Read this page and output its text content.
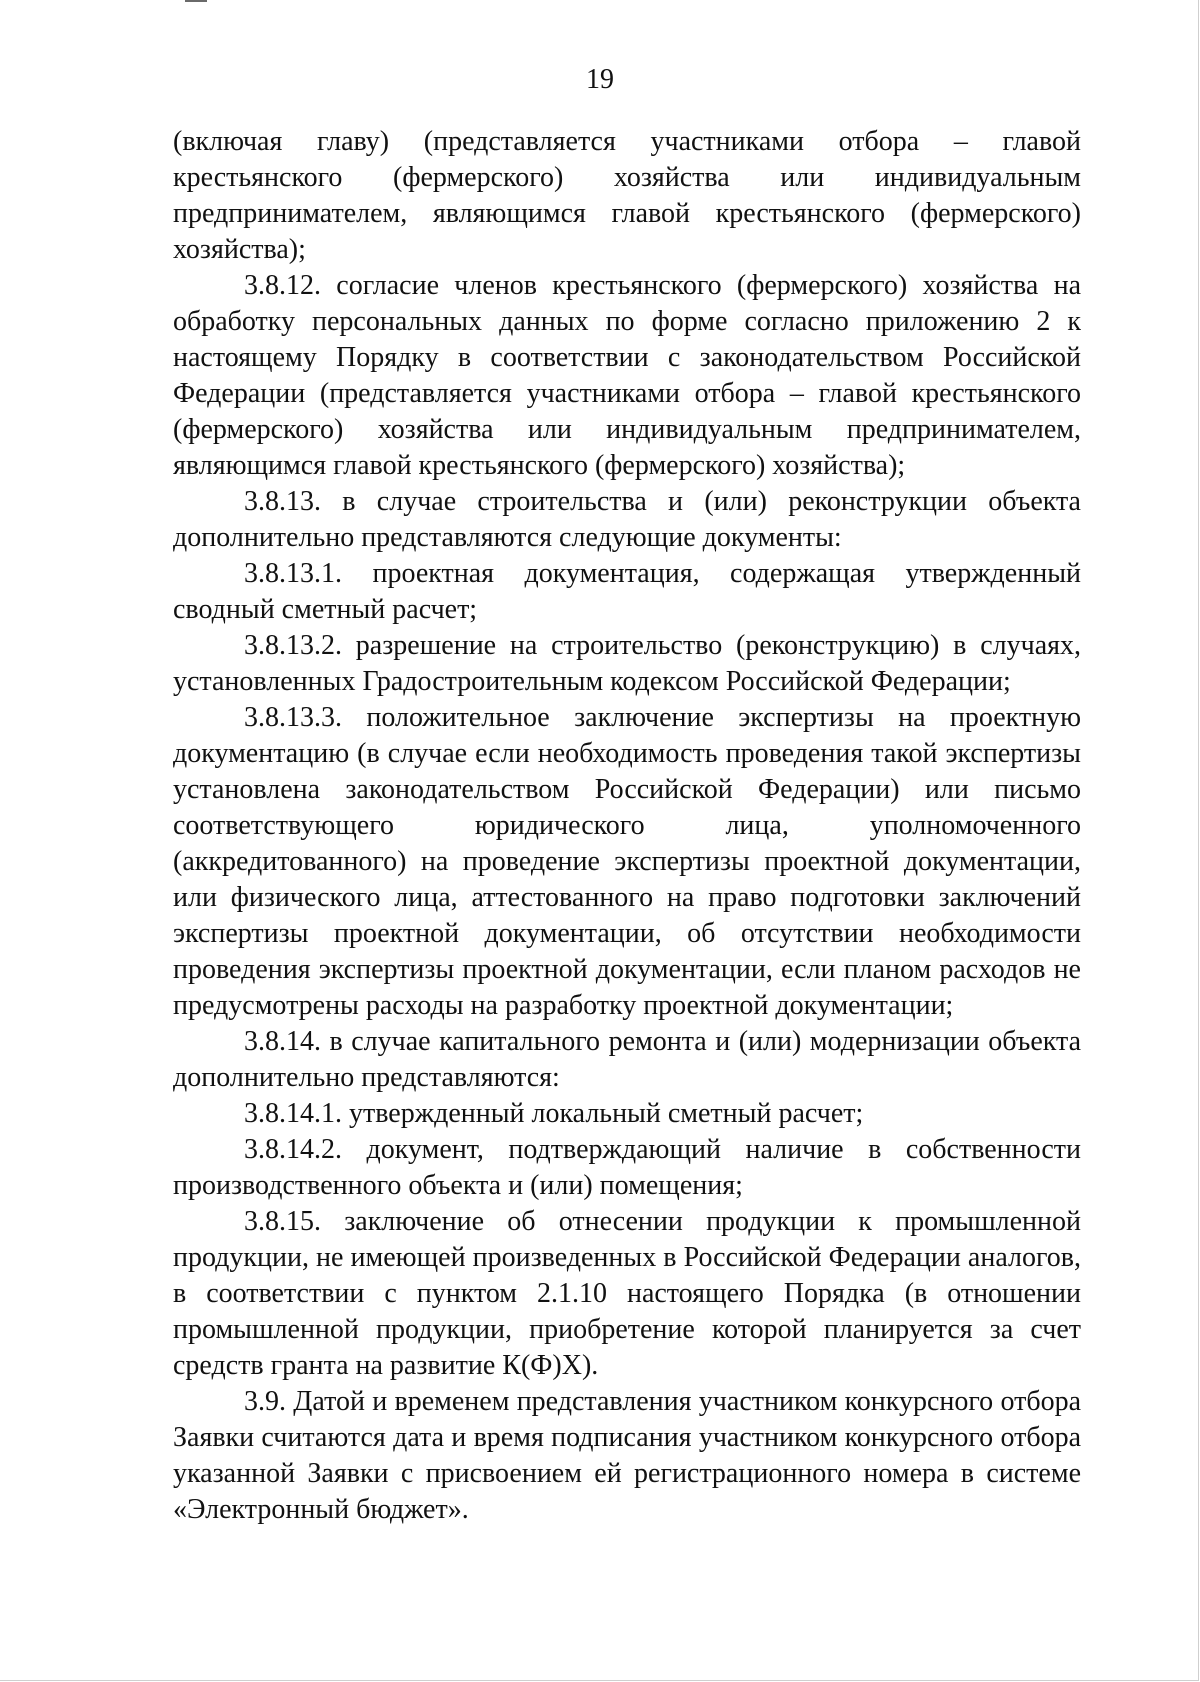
19

(включая главу) (представляется участниками отбора – главой крестьянского (фермерского) хозяйства или индивидуальным предпринимателем, являющимся главой крестьянского (фермерского) хозяйства);

3.8.12. согласие членов крестьянского (фермерского) хозяйства на обработку персональных данных по форме согласно приложению 2 к настоящему Порядку в соответствии с законодательством Российской Федерации (представляется участниками отбора – главой крестьянского (фермерского) хозяйства или индивидуальным предпринимателем, являющимся главой крестьянского (фермерского) хозяйства);

3.8.13. в случае строительства и (или) реконструкции объекта дополнительно представляются следующие документы:

3.8.13.1. проектная документация, содержащая утвержденный сводный сметный расчет;

3.8.13.2. разрешение на строительство (реконструкцию) в случаях, установленных Градостроительным кодексом Российской Федерации;

3.8.13.3. положительное заключение экспертизы на проектную документацию (в случае если необходимость проведения такой экспертизы установлена законодательством Российской Федерации) или письмо соответствующего юридического лица, уполномоченного (аккредитованного) на проведение экспертизы проектной документации, или физического лица, аттестованного на право подготовки заключений экспертизы проектной документации, об отсутствии необходимости проведения экспертизы проектной документации, если планом расходов не предусмотрены расходы на разработку проектной документации;

3.8.14. в случае капитального ремонта и (или) модернизации объекта дополнительно представляются:

3.8.14.1. утвержденный локальный сметный расчет;

3.8.14.2. документ, подтверждающий наличие в собственности производственного объекта и (или) помещения;

3.8.15. заключение об отнесении продукции к промышленной продукции, не имеющей произведенных в Российской Федерации аналогов, в соответствии с пунктом 2.1.10 настоящего Порядка (в отношении промышленной продукции, приобретение которой планируется за счет средств гранта на развитие К(Ф)Х).

3.9. Датой и временем представления участником конкурсного отбора Заявки считаются дата и время подписания участником конкурсного отбора указанной Заявки с присвоением ей регистрационного номера в системе «Электронный бюджет».
